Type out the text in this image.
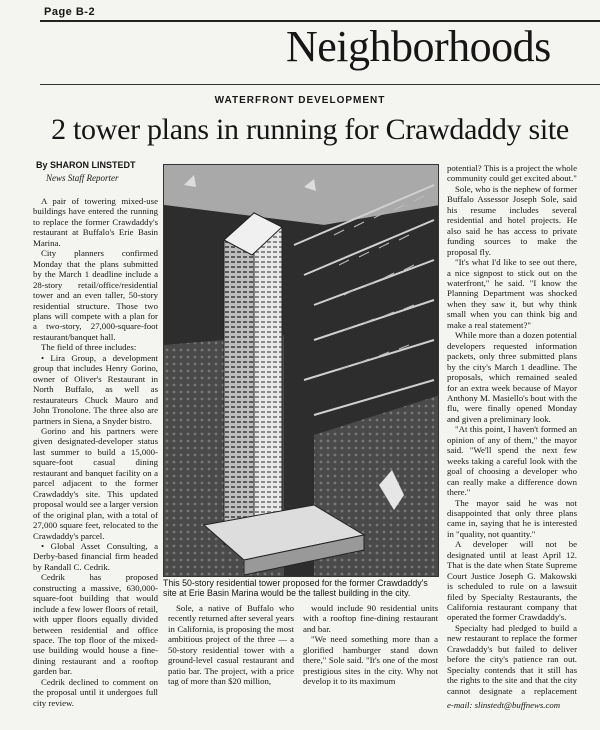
Page B-2
Neighborhoods
WATERFRONT DEVELOPMENT
2 tower plans in running for Crawdaddy site
By SHARON LINSTEDT
News Staff Reporter

A pair of towering mixed-use buildings have entered the running to replace the former Crawdaddy's restaurant at Buffalo's Erie Basin Marina.

City planners confirmed Monday that the plans submitted by the March 1 deadline include a 28-story retail/office/residential tower and an even taller, 50-story residential structure. Those two plans will compete with a plan for a two-story, 27,000-square-foot restaurant/banquet hall.

The field of three includes:

• Lira Group, a development group that includes Henry Gorino, owner of Oliver's Restaurant in North Buffalo, as well as restaurateurs Chuck Mauro and John Tronolone. The three also are partners in Siena, a Snyder bistro.

Gorino and his partners were given designated-developer status last summer to build a 15,000-square-foot casual dining restaurant and banquet facility on a parcel adjacent to the former Crawdaddy's site. This updated proposal would see a larger version of the original plan, with a total of 27,000 square feet, relocated to the Crawdaddy's parcel.

• Global Asset Consulting, a Derby-based financial firm headed by Randall C. Cedrik.

Cedrik has proposed constructing a massive, 630,000-square-foot building that would include a few lower floors of retail, with upper floors equally divided between residential and office space. The top floor of the mixed-use building would house a fine-dining restaurant and a rooftop garden bar.

Cedrik declined to comment on the proposal until it undergoes full city review.

This 50-story residential tower proposed for the former Crawdaddy's site at Erie Basin Marina would be the tallest building in the city.

Sole, a native of Buffalo who recently returned after several years in California, is proposing the most ambitious project of the three — a 50-story residential tower with a ground-level casual restaurant and patio bar. The project, with a price tag of more than $20 million,

would include 90 residential units with a rooftop fine-dining restaurant and bar.

"We need something more than a glorified hamburger stand down there," Sole said. "It's one of the most prestigious sites in the city. Why not develop it to its maximum

potential? This is a project the whole community could get excited about."

Sole, who is the nephew of former Buffalo Assessor Joseph Sole, said his resume includes several residential and hotel projects. He also said he has access to private funding sources to make the proposal fly.

"It's what I'd like to see out there, a nice signpost to stick out on the waterfront," he said. "I know the Planning Department was shocked when they saw it, but why think small when you can think big and make a real statement?"

While more than a dozen potential developers requested information packets, only three submitted plans by the city's March 1 deadline. The proposals, which remained sealed for an extra week because of Mayor Anthony M. Masiello's bout with the flu, were finally opened Monday and given a preliminary look.

"At this point, I haven't formed an opinion of any of them," the mayor said. "We'll spend the next few weeks taking a careful look with the goal of choosing a developer who can really make a difference down there."

The mayor said he was not disappointed that only three plans came in, saying that he is interested in "quality, not quantity."

A developer will not be designated until at least April 12. That is the date when State Supreme Court Justice Joseph G. Makowski is scheduled to rule on a lawsuit filed by Specialty Restaurants, the California restaurant company that operated the former Crawdaddy's.

Specialty had pledged to build a new restaurant to replace the former Crawdaddy's but failed to deliver before the city's patience ran out. Specialty contends that it still has the rights to the site and that the city cannot designate a replacement

e-mail: slinstedt@buffnews.com
